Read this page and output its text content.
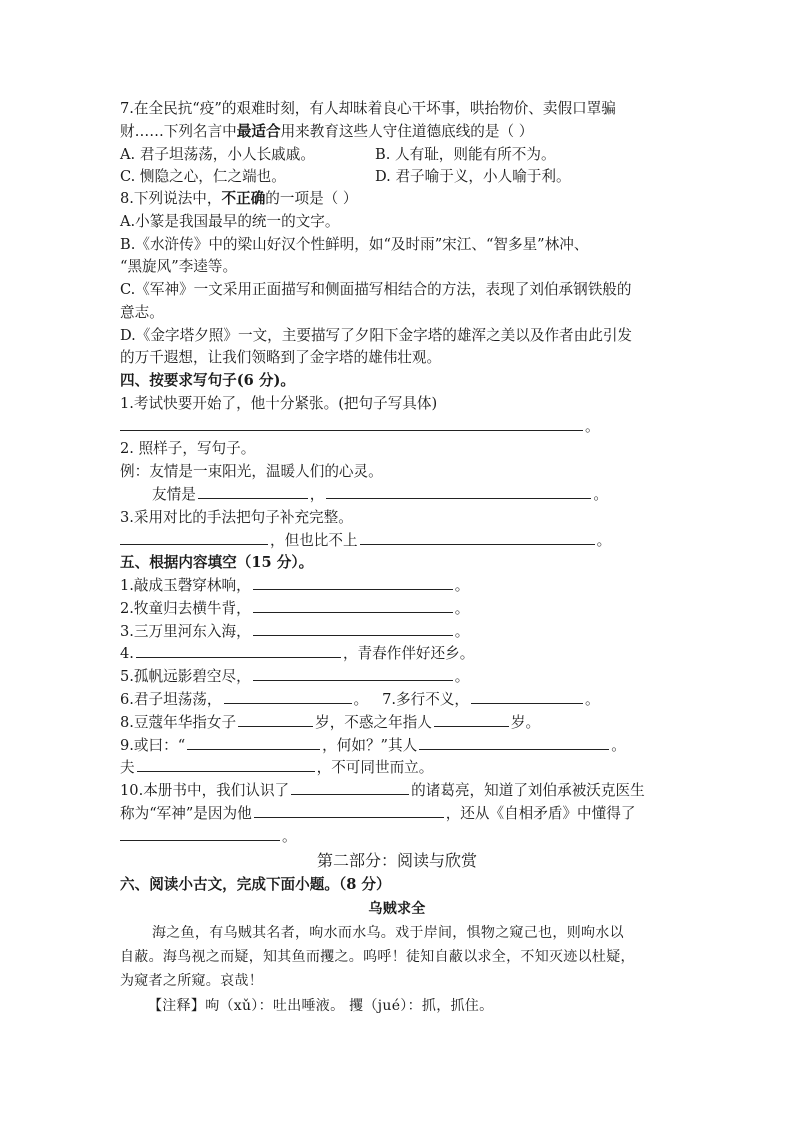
7.在全民抗“疫”的艰难时刻，有人却昧着良心干坏事，哄抬物价、卖假口罩骗
财……下列名言中最适合用来教育这些人守住道德底线的是（ ）
A. 君子坦荡荡，小人长戚戚。	B. 人有耻，则能有所不为。
C. 恻隐之心，仁之端也。	D. 君子喻于义，小人喻于利。
8.下列说法中，不正确的一项是（ ）
A.小篆是我国最早的统一的文字。
B.《水浒传》中的梁山好汉个性鲜明，如“及时雨”宋江、“智多星”林冲、
“黑旋风”李逵等。
C.《军神》一文采用正面描写和侧面描写相结合的方法，表现了刘伯承钢铁般的
意志。
D.《金字塔夕照》一文，主要描写了夕阳下金字塔的雄浑之美以及作者由此引发
的万千遐想，让我们领略到了金字塔的雄伟壮观。
四、按要求写句子(6 分)。
1.考试快要开始了，他十分紧张。(把句子写具体)
。
2. 照样子，写句子。
例：友情是一束阳光，温暖人们的心灵。
友情是	，	。
3.采用对比的手法把句子补充完整。
，但也比不上	。
五、根据内容填空（15 分）。
1.敲成玉磬穿林响，	。
2.牧童归去横牛背，	。
3.三万里河东入海，	。
4.	，青春作伴好还乡。
5.孤帆远影碧空尽，	。
6.君子坦荡荡，	。 7.多行不义，	。
8.豆蔻年华指女子	岁，不惑之年指人	岁。
9.或曰：“	，何如？”其人	。
夫	，不可同世而立。
10.本册书中，我们认识了	的诸葛亮，知道了刘伯承被沃克医生
称为“军神”是因为他	，还从《自相矛盾》中懂得了
。
第二部分：阅读与欣赏
六、阅读小古文，完成下面小题。（8 分）
乌贼求全
海之鱼，有乌贼其名者，呴水而水乌。戏于岸间，惧物之窥己也，则呴水以
自蔽。海鸟视之而疑，知其鱼而攫之。呜呼！徒知自蔽以求全，不知灭迹以杜疑，
为窥者之所窥。哀哉！
【注释】呴（xǔ）：吐出唾液。 攫（jué）：抓，抓住。
